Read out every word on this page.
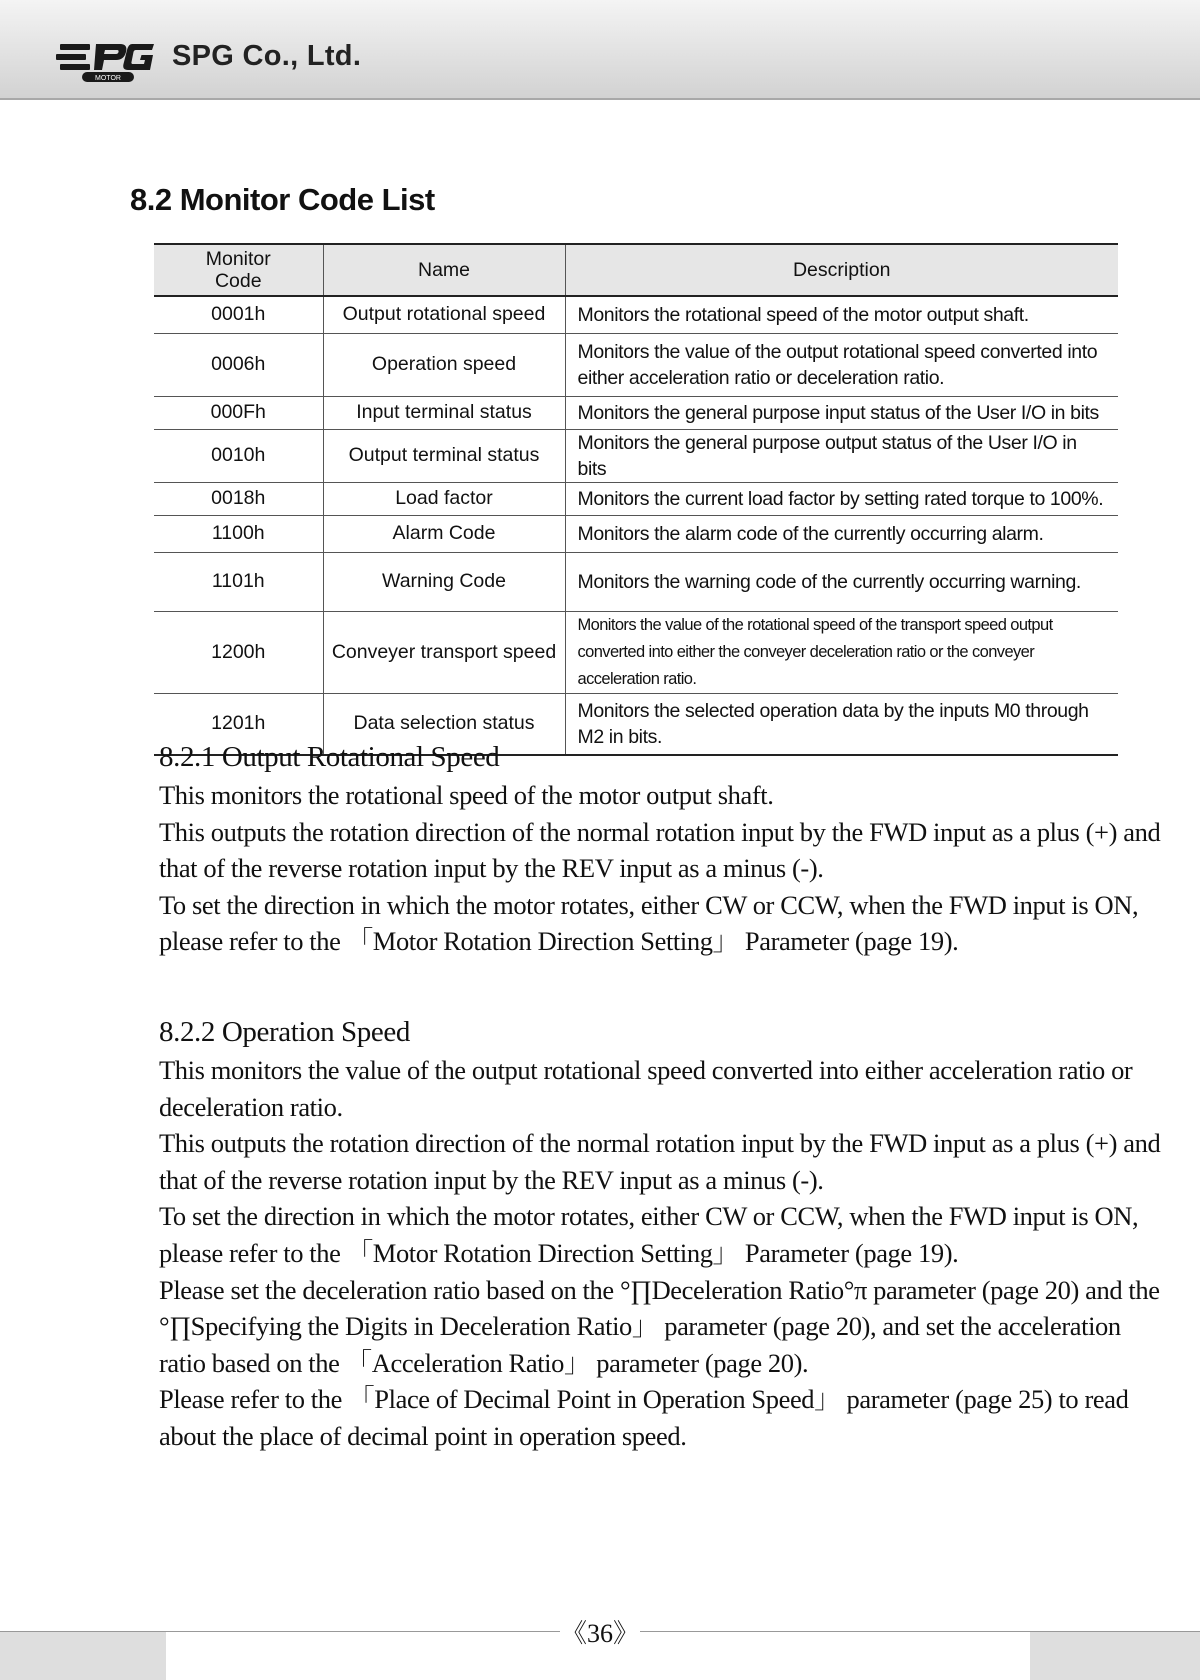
MOTOR
SPG Co., Ltd.
8.2 Monitor Code List
Monitor Code	Name	Description
0001h	Output rotational speed	Monitors the rotational speed of the motor output shaft.
0006h	Operation speed	Monitors the value of the output rotational speed converted into either acceleration ratio or deceleration ratio.
000Fh	Input terminal status	Monitors the general purpose input status of the User I/O in bits
0010h	Output terminal status	Monitors the general purpose output status of the User I/O in bits
0018h	Load factor	Monitors the current load factor by setting rated torque to 100%.
1100h	Alarm Code	Monitors the alarm code of the currently occurring alarm.
1101h	Warning Code	Monitors the warning code of the currently occurring warning.
1200h	Conveyer transport speed	Monitors the value of the rotational speed of the transport speed output converted into either the conveyer deceleration ratio or the conveyer acceleration ratio.
1201h	Data selection status	Monitors the selected operation data by the inputs M0 through M2 in bits.
8.2.1 Output Rotational Speed

This monitors the rotational speed of the motor output shaft.

This outputs the rotation direction of the normal rotation input by the FWD input as a plus (+) and that of the reverse rotation input by the REV input as a minus (-).

To set the direction in which the motor rotates, either CW or CCW, when the FWD input is ON, please refer to the 「Motor Rotation Direction Setting」 Parameter (page 19).

8.2.2 Operation Speed

This monitors the value of the output rotational speed converted into either acceleration ratio or deceleration ratio.

This outputs the rotation direction of the normal rotation input by the FWD input as a plus (+) and that of the reverse rotation input by the REV input as a minus (-).

To set the direction in which the motor rotates, either CW or CCW, when the FWD input is ON, please refer to the 「Motor Rotation Direction Setting」 Parameter (page 19).

Please set the deceleration ratio based on the °∏Deceleration Ratio°π parameter (page 20) and the °∏Specifying the Digits in Deceleration Ratio」 parameter (page 20), and set the acceleration ratio based on the 「Acceleration Ratio」 parameter (page 20).

Please refer to the 「Place of Decimal Point in Operation Speed」 parameter (page 25) to read about the place of decimal point in operation speed.

《36》
